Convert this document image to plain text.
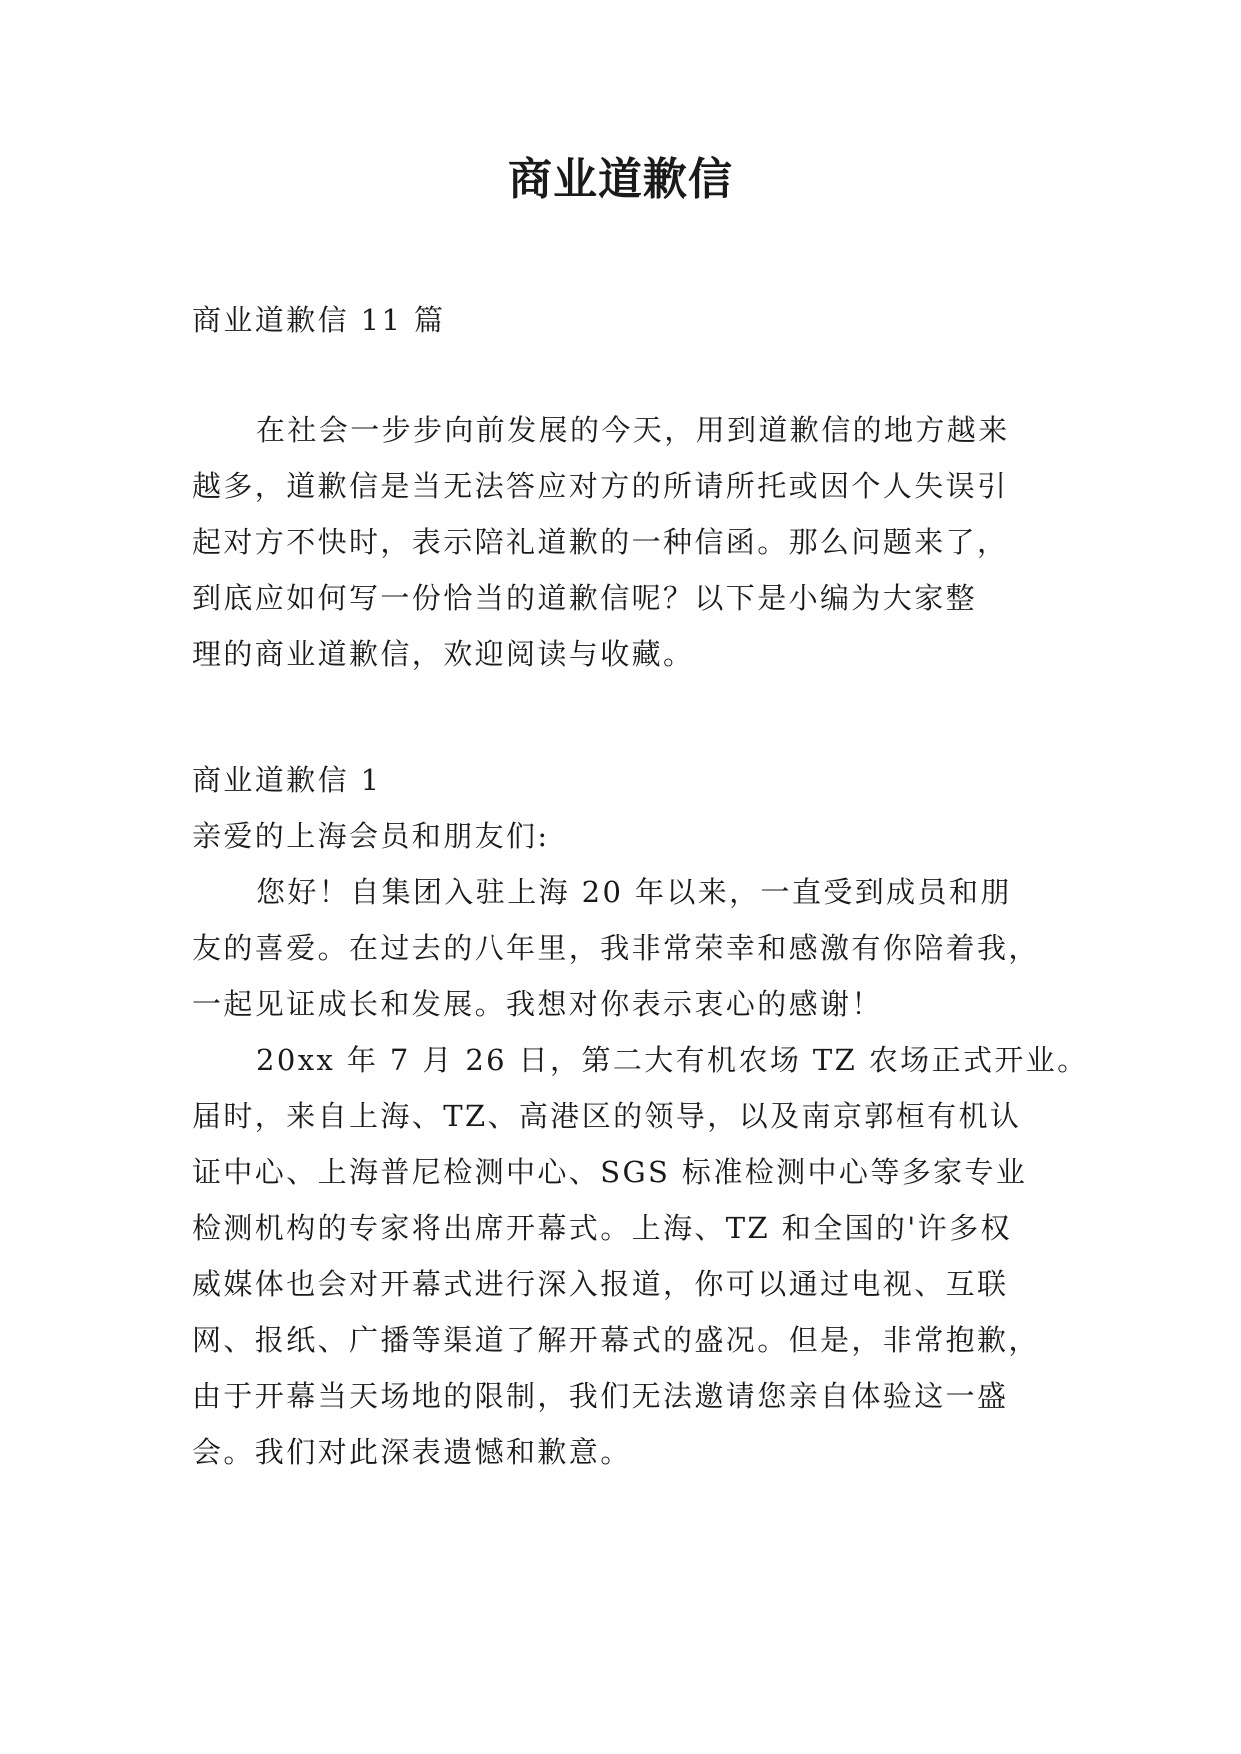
商业道歉信

商业道歉信 11 篇

在社会一步步向前发展的今天，用到道歉信的地方越来
越多，道歉信是当无法答应对方的所请所托或因个人失误引
起对方不快时，表示陪礼道歉的一种信函。那么问题来了，
到底应如何写一份恰当的道歉信呢？以下是小编为大家整
理的商业道歉信，欢迎阅读与收藏。

商业道歉信 1

亲爱的上海会员和朋友们:

您好！自集团入驻上海 20 年以来，一直受到成员和朋
友的喜爱。在过去的八年里，我非常荣幸和感激有你陪着我，
一起见证成长和发展。我想对你表示衷心的感谢！

20xx 年 7 月 26 日，第二大有机农场 TZ 农场正式开业。
届时，来自上海、TZ、高港区的领导，以及南京郭桓有机认
证中心、上海普尼检测中心、SGS 标准检测中心等多家专业
检测机构的专家将出席开幕式。上海、TZ 和全国的'许多权
威媒体也会对开幕式进行深入报道，你可以通过电视、互联
网、报纸、广播等渠道了解开幕式的盛况。但是，非常抱歉，
由于开幕当天场地的限制，我们无法邀请您亲自体验这一盛
会。我们对此深表遗憾和歉意。
